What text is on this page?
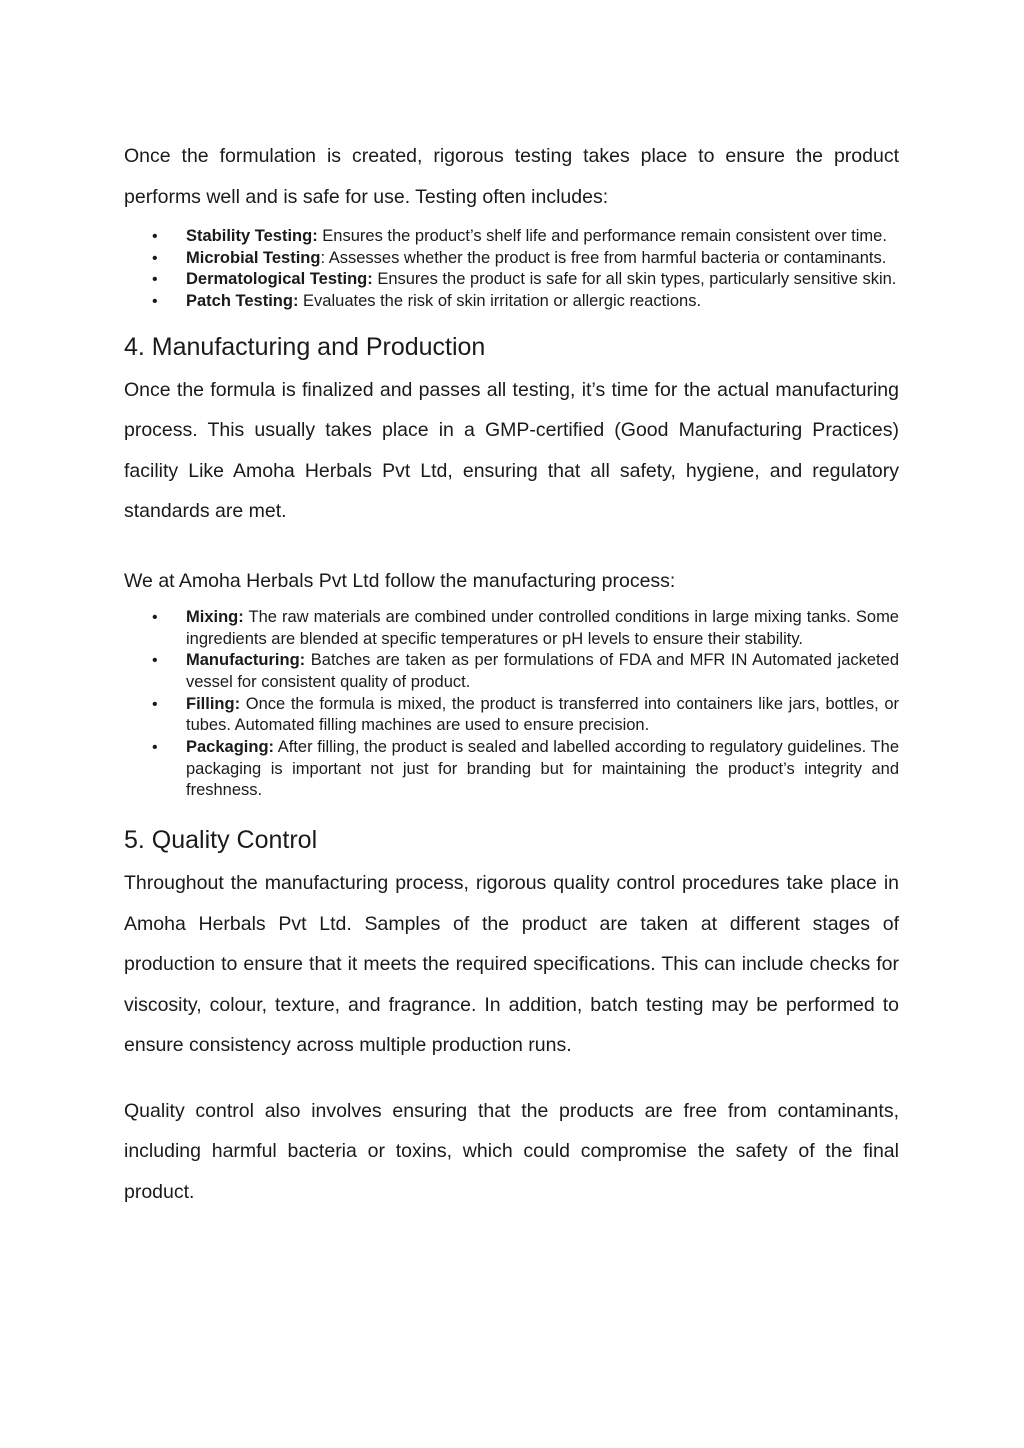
Once the formulation is created, rigorous testing takes place to ensure the product performs well and is safe for use. Testing often includes:

• Stability Testing: Ensures the product’s shelf life and performance remain consistent over time.
• Microbial Testing: Assesses whether the product is free from harmful bacteria or contaminants.
• Dermatological Testing: Ensures the product is safe for all skin types, particularly sensitive skin.
• Patch Testing: Evaluates the risk of skin irritation or allergic reactions.
4. Manufacturing and Production

Once the formula is finalized and passes all testing, it’s time for the actual manufacturing process. This usually takes place in a GMP-certified (Good Manufacturing Practices) facility Like Amoha Herbals Pvt Ltd, ensuring that all safety, hygiene, and regulatory standards are met.

We at Amoha Herbals Pvt Ltd follow the manufacturing process:

• Mixing: The raw materials are combined under controlled conditions in large mixing tanks. Some ingredients are blended at specific temperatures or pH levels to ensure their stability.
• Manufacturing: Batches are taken as per formulations of FDA and MFR IN Automated jacketed vessel for consistent quality of product.
• Filling: Once the formula is mixed, the product is transferred into containers like jars, bottles, or tubes. Automated filling machines are used to ensure precision.
• Packaging: After filling, the product is sealed and labelled according to regulatory guidelines. The packaging is important not just for branding but for maintaining the product’s integrity and freshness.
5. Quality Control

Throughout the manufacturing process, rigorous quality control procedures take place in Amoha Herbals Pvt Ltd. Samples of the product are taken at different stages of production to ensure that it meets the required specifications. This can include checks for viscosity, colour, texture, and fragrance. In addition, batch testing may be performed to ensure consistency across multiple production runs.

Quality control also involves ensuring that the products are free from contaminants, including harmful bacteria or toxins, which could compromise the safety of the final product.
